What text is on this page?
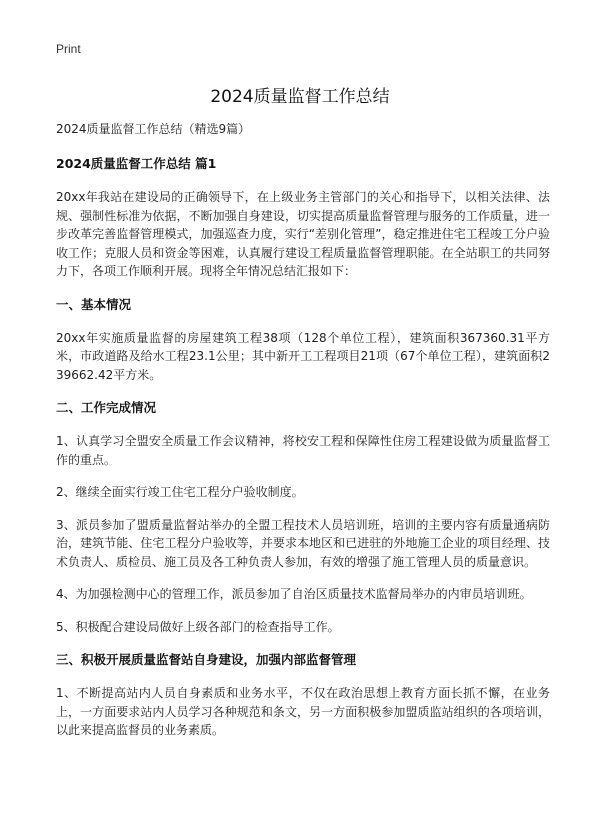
Print
2024质量监督工作总结

2024质量监督工作总结（精选9篇）

2024质量监督工作总结 篇1

20xx年我站在建设局的正确领导下，在上级业务主管部门的关心和指导下，以相关法律、法规、强制性标准为依据，不断加强自身建设，切实提高质量监督管理与服务的工作质量，进一步改革完善监督管理模式，加强巡查力度，实行“差别化管理”，稳定推进住宅工程竣工分户验收工作；克服人员和资金等困难，认真履行建设工程质量监督管理职能。在全站职工的共同努力下，各项工作顺利开展。现将全年情况总结汇报如下：

一、基本情况

20xx年实施质量监督的房屋建筑工程38项（128个单位工程），建筑面积367360.31平方米，市政道路及给水工程23.1公里；其中新开工工程项目21项（67个单位工程），建筑面积239662.42平方米。

二、工作完成情况

1、认真学习全盟安全质量工作会议精神，将校安工程和保障性住房工程建设做为质量监督工作的重点。

2、继续全面实行竣工住宅工程分户验收制度。

3、派员参加了盟质量监督站举办的全盟工程技术人员培训班，培训的主要内容有质量通病防治，建筑节能、住宅工程分户验收等，并要求本地区和已进驻的外地施工企业的项目经理、技术负责人、质检员、施工员及各工种负责人参加，有效的增强了施工管理人员的质量意识。

4、为加强检测中心的管理工作，派员参加了自治区质量技术监督局举办的内审员培训班。

5、积极配合建设局做好上级各部门的检查指导工作。

三、积极开展质量监督站自身建设，加强内部监督管理

1、不断提高站内人员自身素质和业务水平，不仅在政治思想上教育方面长抓不懈，在业务上，一方面要求站内人员学习各种规范和条文，另一方面积极参加盟质监站组织的各项培训，以此来提高监督员的业务素质。
